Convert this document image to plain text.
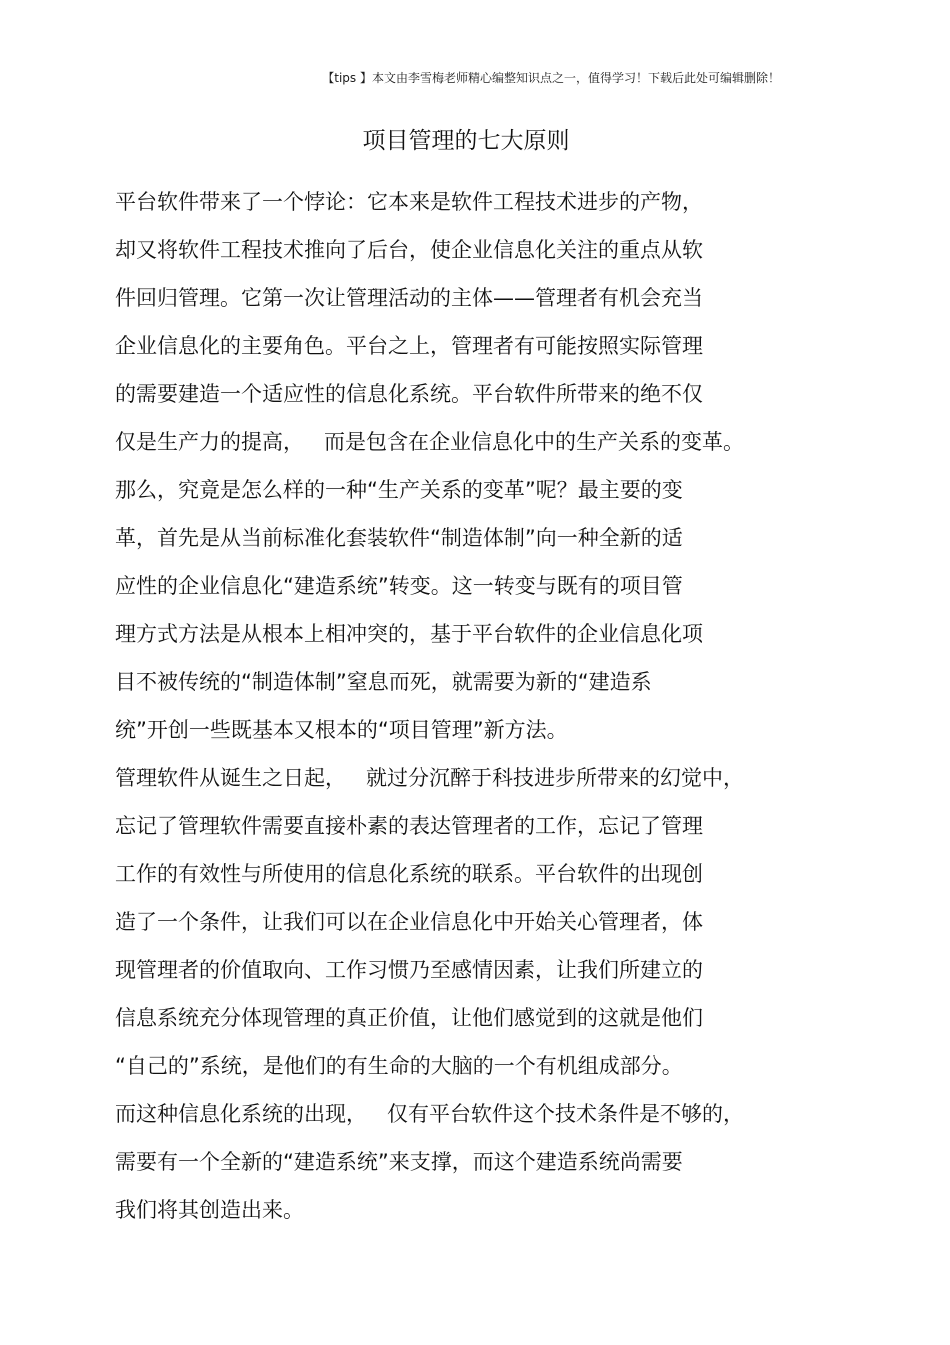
【tips 】本文由李雪梅老师精心编整知识点之一，值得学习！下载后此处可编辑删除！
项目管理的七大原则
平台软件带来了一个悖论：它本来是软件工程技术进步的产物，
却又将软件工程技术推向了后台，使企业信息化关注的重点从软
件回归管理。它第一次让管理活动的主体——管理者有机会充当
企业信息化的主要角色。平台之上，管理者有可能按照实际管理
的需要建造一个适应性的信息化系统。平台软件所带来的绝不仅
仅是生产力的提高，   而是包含在企业信息化中的生产关系的变革。
那么，究竟是怎么样的一种“生产关系的变革”呢？最主要的变
革，首先是从当前标准化套装软件“制造体制”向一种全新的适
应性的企业信息化“建造系统”转变。这一转变与既有的项目管
理方式方法是从根本上相冲突的，基于平台软件的企业信息化项
目不被传统的“制造体制”窒息而死，就需要为新的“建造系
统”开创一些既基本又根本的“项目管理”新方法。
管理软件从诞生之日起，   就过分沉醉于科技进步所带来的幻觉中，
忘记了管理软件需要直接朴素的表达管理者的工作，忘记了管理
工作的有效性与所使用的信息化系统的联系。平台软件的出现创
造了一个条件，让我们可以在企业信息化中开始关心管理者，体
现管理者的价值取向、工作习惯乃至感情因素，让我们所建立的
信息系统充分体现管理的真正价值，让他们感觉到的这就是他们
“自己的”系统，是他们的有生命的大脑的一个有机组成部分。
而这种信息化系统的出现，   仅有平台软件这个技术条件是不够的，
需要有一个全新的“建造系统”来支撑，而这个建造系统尚需要
我们将其创造出来。
